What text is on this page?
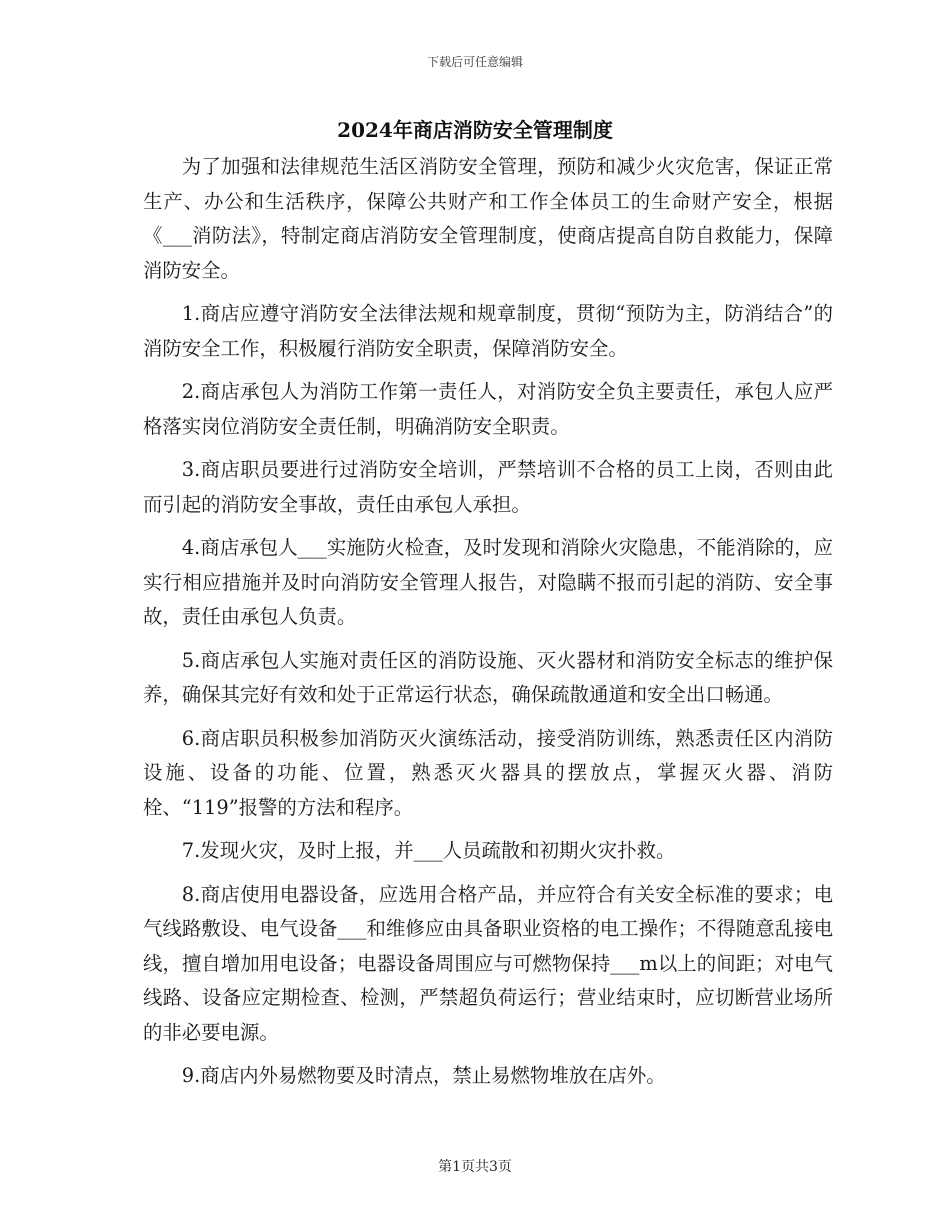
下载后可任意编辑
2024年商店消防安全管理制度

为了加强和法律规范生活区消防安全管理，预防和减少火灾危害，保证正常生产、办公和生活秩序，保障公共财产和工作全体员工的生命财产安全，根据《___消防法》，特制定商店消防安全管理制度，使商店提高自防自救能力，保障消防安全。

1.商店应遵守消防安全法律法规和规章制度，贯彻“预防为主，防消结合”的消防安全工作，积极履行消防安全职责，保障消防安全。

2.商店承包人为消防工作第一责任人，对消防安全负主要责任，承包人应严格落实岗位消防安全责任制，明确消防安全职责。

3.商店职员要进行过消防安全培训，严禁培训不合格的员工上岗，否则由此而引起的消防安全事故，责任由承包人承担。

4.商店承包人___实施防火检查，及时发现和消除火灾隐患，不能消除的，应实行相应措施并及时向消防安全管理人报告，对隐瞒不报而引起的消防、安全事故，责任由承包人负责。

5.商店承包人实施对责任区的消防设施、灭火器材和消防安全标志的维护保养，确保其完好有效和处于正常运行状态，确保疏散通道和安全出口畅通。

6.商店职员积极参加消防灭火演练活动，接受消防训练，熟悉责任区内消防设施、设备的功能、位置，熟悉灭火器具的摆放点，掌握灭火器、消防栓、“119”报警的方法和程序。

7.发现火灾，及时上报，并___人员疏散和初期火灾扑救。

8.商店使用电器设备，应选用合格产品，并应符合有关安全标准的要求；电气线路敷设、电气设备___和维修应由具备职业资格的电工操作；不得随意乱接电线，擅自增加用电设备；电器设备周围应与可燃物保持___m以上的间距；对电气线路、设备应定期检查、检测，严禁超负荷运行；营业结束时，应切断营业场所的非必要电源。

9.商店内外易燃物要及时清点，禁止易燃物堆放在店外。

第1页共3页
